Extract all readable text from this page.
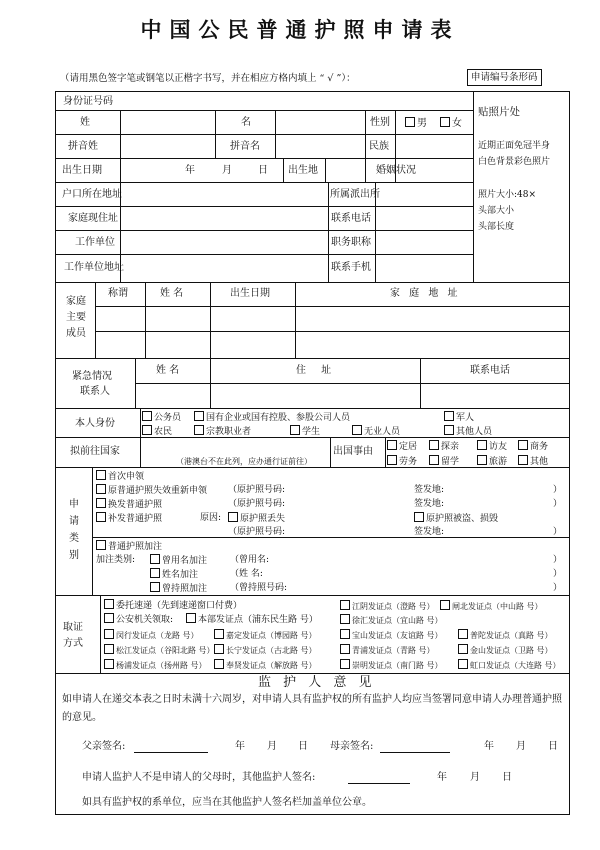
中国公民普通护照申请表
（请用黑色签字笔或钢笔以正楷字书写，并在相应方格内填上 “ √ ”）：	申请编号条形码
身份证号码
贴照片处
近期正面免冠半身
白色背景彩色照片
照片大小:48×
头部大小
头部长度
姓	名	性别	男	女
拼音姓	拼音名	民族
出生日期	年	月	日 出生地	婚姻状况
户口所在地址	所属派出所
家庭现住址	联系电话
工作单位	职务职称
工作单位地址	联系手机
家庭
主要
成员
称谓	姓 名	出生日期	家 庭 地 址
紧急情况
联系人
姓 名	住 址	联系电话
本人身份	公务员	国有企业或国有控股、参股公司人员	军人
农民	宗教职业者	学生	无业人员	其他人员
拟前往国家
（港澳台不在此列，应办通行证前往）
出国事由	定居	探亲	访友	商务
劳务	留学	旅游	其他
申
请
类
别
首次申领
原普通护照失效重新申领 （原护照号码:	签发地:	）
换发普通护照	（原护照号码:	签发地:	）
补发普通护照	原因:	原护照丢失	原护照被盗、损毁
（原护照号码:	签发地:	）
普通护照加注
加注类别:	曾用名加注	（曾用名:	）
姓名加注	（姓 名:	）
曾持照加注	（曾持照号码:	）
取证
方式
委托速递（先到速递窗口付费）
公安机关领取:	本部发证点（浦东民生路 号）
江阴发证点（澄路 号）	闸北发证点（中山路 号）
徐汇发证点（宜山路 号）
闵行发证点（龙路 号）	嘉定发证点（博园路 号）	宝山发证点（友谊路 号）	普陀发证点（真路 号）
松江发证点（谷阳北路 号）	长宁发证点（古北路 号）	青浦发证点（青路 号）	金山发证点（卫路 号）
杨浦发证点（扬州路 号）	奉贤发证点（解放路 号）	崇明发证点（南门路 号）	虹口发证点（大连路 号）
监 护 人 意 见
如申请人在递交本表之日时未满十六周岁，对申请人具有监护权的所有监护人均应当签署同意申请人办理普通护照的意见。
父亲签名:	年 月 日 母亲签名:	年 月 日
申请人监护人不是申请人的父母时，其他监护人签名:	年 月 日
如具有监护权的系单位，应当在其他监护人签名栏加盖单位公章。
